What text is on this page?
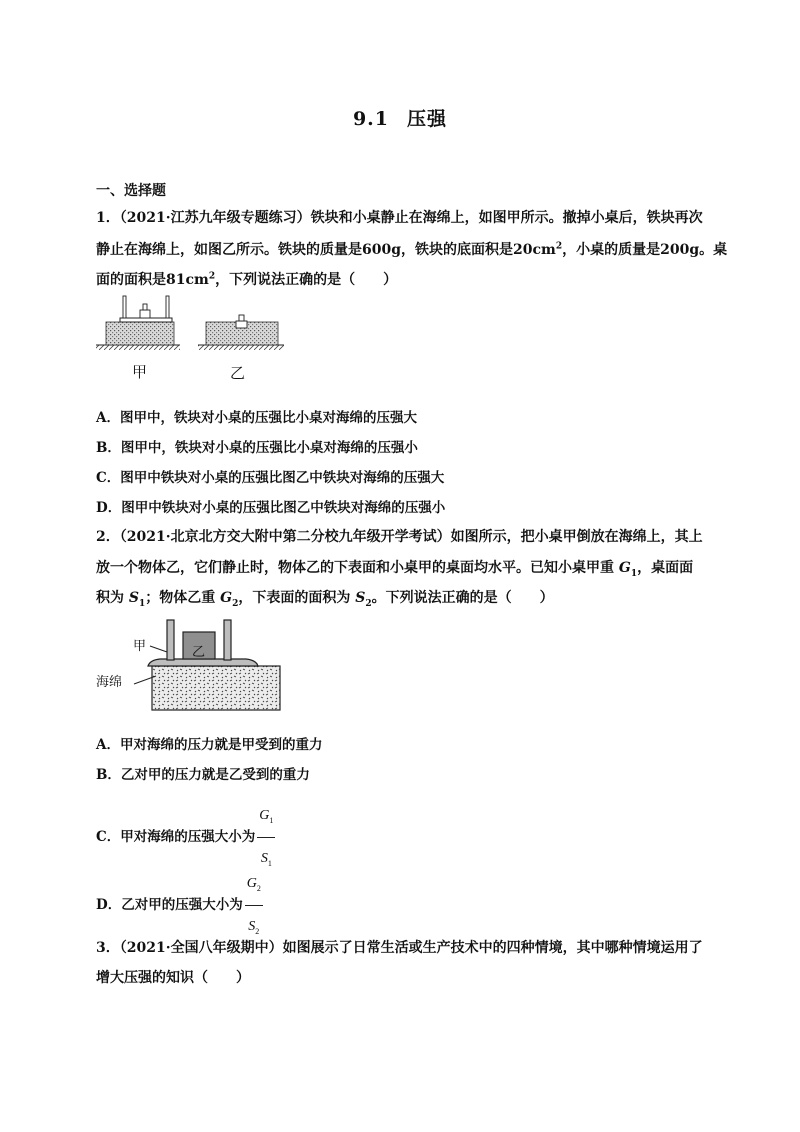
9.1 压强
一、选择题
1．（2021·江苏九年级专题练习）铁块和小桌静止在海绵上，如图甲所示。撤掉小桌后，铁块再次
静止在海绵上，如图乙所示。铁块的质量是600g，铁块的底面积是$20cm^2$，小桌的质量是200g。桌
面的面积是$81cm^2$，下列说法正确的是（　　）
甲	乙
A．图甲中，铁块对小桌的压强比小桌对海绵的压强大
B．图甲中，铁块对小桌的压强比小桌对海绵的压强小
C．图甲中铁块对小桌的压强比图乙中铁块对海绵的压强大
D．图甲中铁块对小桌的压强比图乙中铁块对海绵的压强小
2．（2021·北京北方交大附中第二分校九年级开学考试）如图所示，把小桌甲倒放在海绵上，其上
放一个物体乙，它们静止时，物体乙的下表面和小桌甲的桌面均水平。已知小桌甲重 $G_1$，桌面面
积为 $S_1$；物体乙重 $G_2$，下表面的面积为 $S_2$。下列说法正确的是（　　）
甲	乙
海绵
A．甲对海绵的压力就是甲受到的重力
B．乙对甲的压力就是乙受到的重力
C．甲对海绵的压强大小为 $\frac{G_1}{S_1}$
D．乙对甲的压强大小为 $\frac{G_2}{S_2}$
3．（2021·全国八年级期中）如图展示了日常生活或生产技术中的四种情境，其中哪种情境运用了
增大压强的知识（　　）
